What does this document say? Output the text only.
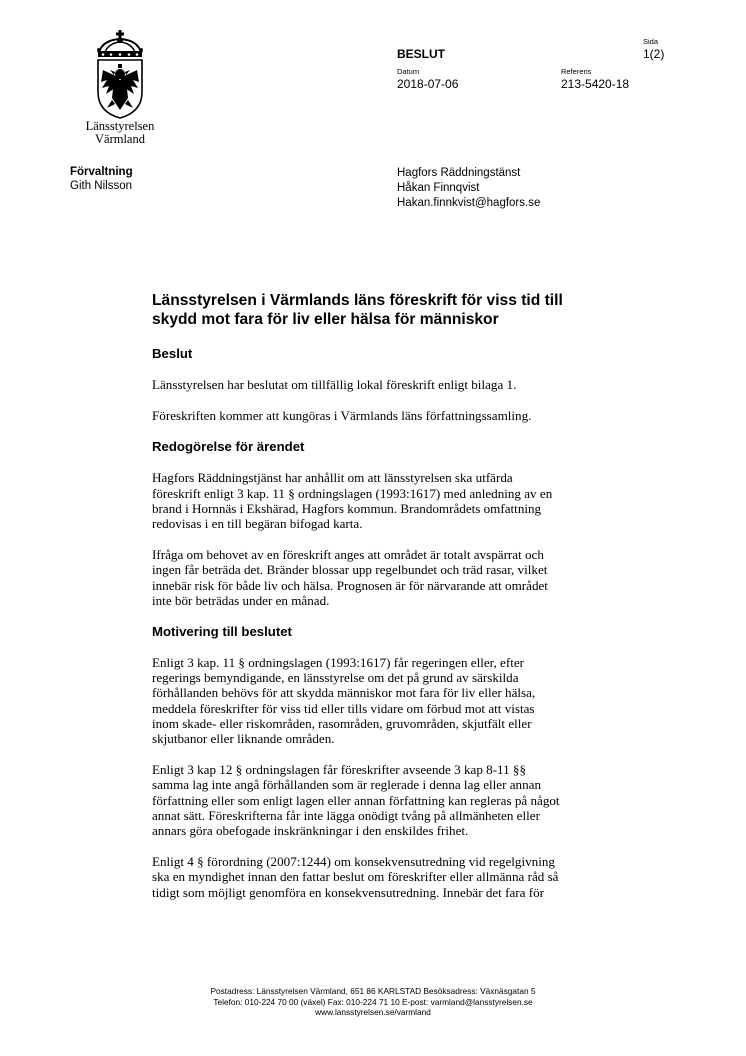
Länsstyrelsen
Värmland
BESLUT
Datum
2018-07-06
Referens
213-5420-18
Sida
1(2)
Förvaltning
Gith Nilsson
Hagfors Räddningstänst
Håkan Finnqvist
Hakan.finnkvist@hagfors.se
Länsstyrelsen i Värmlands läns föreskrift för viss tid till
skydd mot fara för liv eller hälsa för människor
Beslut

Länsstyrelsen har beslutat om tillfällig lokal föreskrift enligt bilaga 1.

Föreskriften kommer att kungöras i Värmlands läns författningssamling.

Redogörelse för ärendet

Hagfors Räddningstjänst har anhållit om att länsstyrelsen ska utfärda
föreskrift enligt 3 kap. 11 § ordningslagen (1993:1617) med anledning av en
brand i Hornnäs i Ekshärad, Hagfors kommun. Brandområdets omfattning
redovisas i en till begäran bifogad karta.

Ifråga om behovet av en föreskrift anges att området är totalt avspärrat och
ingen får beträda det. Bränder blossar upp regelbundet och träd rasar, vilket
innebär risk för både liv och hälsa. Prognosen är för närvarande att området
inte bör beträdas under en månad.

Motivering till beslutet

Enligt 3 kap. 11 § ordningslagen (1993:1617) får regeringen eller, efter
regerings bemyndigande, en länsstyrelse om det på grund av särskilda
förhållanden behövs för att skydda människor mot fara för liv eller hälsa,
meddela föreskrifter för viss tid eller tills vidare om förbud mot att vistas
inom skade- eller riskområden, rasområden, gruvområden, skjutfält eller
skjutbanor eller liknande områden.

Enligt 3 kap 12 § ordningslagen får föreskrifter avseende 3 kap 8-11 §§
samma lag inte angå förhållanden som är reglerade i denna lag eller annan
författning eller som enligt lagen eller annan författning kan regleras på något
annat sätt. Föreskrifterna får inte lägga onödigt tvång på allmänheten eller
annars göra obefogade inskränkningar i den enskildes frihet.

Enligt 4 § förordning (2007:1244) om konsekvensutredning vid regelgivning
ska en myndighet innan den fattar beslut om föreskrifter eller allmänna råd så
tidigt som möjligt genomföra en konsekvensutredning. Innebär det fara för

Postadress: Länsstyrelsen Värmland, 651 86 KARLSTAD Besöksadress: Växnäsgatan 5
Telefon: 010-224 70 00 (växel) Fax: 010-224 71 10 E-post: varmland@lansstyrelsen.se
www.lansstyrelsen.se/varmland
